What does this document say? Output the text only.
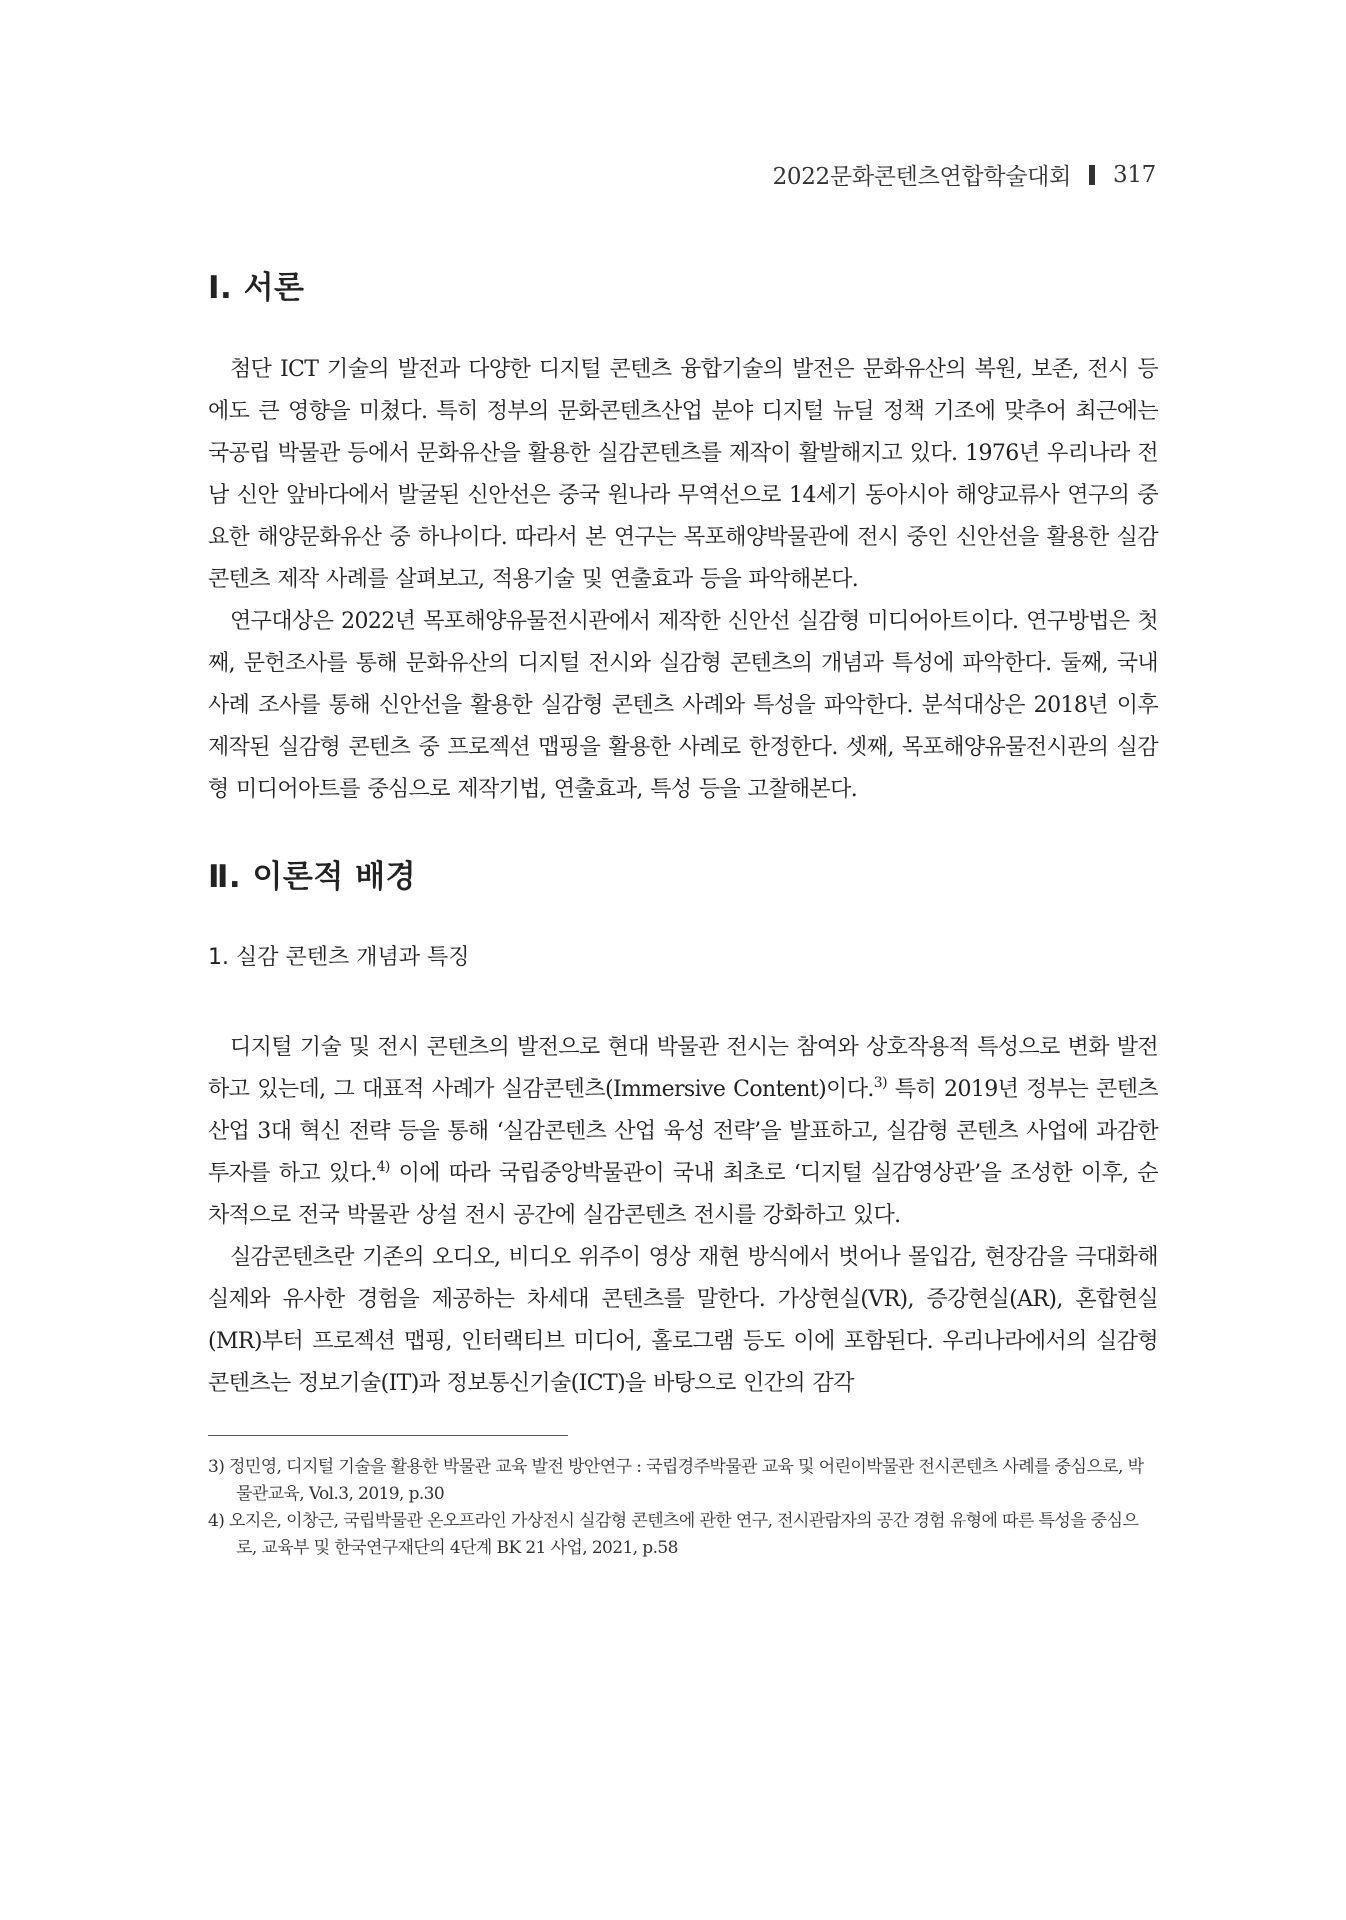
2022문화콘텐츠연합학술대회 317
Ⅰ. 서론

첨단 ICT 기술의 발전과 다양한 디지털 콘텐츠 융합기술의 발전은 문화유산의 복원, 보존, 전시 등에도 큰 영향을 미쳤다. 특히 정부의 문화콘텐츠산업 분야 디지털 뉴딜 정책 기조에 맞추어 최근에는 국공립 박물관 등에서 문화유산을 활용한 실감콘텐츠를 제작이 활발해지고 있다. 1976년 우리나라 전남 신안 앞바다에서 발굴된 신안선은 중국 원나라 무역선으로 14세기 동아시아 해양교류사 연구의 중요한 해양문화유산 중 하나이다. 따라서 본 연구는 목포해양박물관에 전시 중인 신안선을 활용한 실감콘텐츠 제작 사례를 살펴보고, 적용기술 및 연출효과 등을 파악해본다.

연구대상은 2022년 목포해양유물전시관에서 제작한 신안선 실감형 미디어아트이다. 연구방법은 첫째, 문헌조사를 통해 문화유산의 디지털 전시와 실감형 콘텐츠의 개념과 특성에 파악한다. 둘째, 국내 사례 조사를 통해 신안선을 활용한 실감형 콘텐츠 사례와 특성을 파악한다. 분석대상은 2018년 이후 제작된 실감형 콘텐츠 중 프로젝션 맵핑을 활용한 사례로 한정한다. 셋째, 목포해양유물전시관의 실감형 미디어아트를 중심으로 제작기법, 연출효과, 특성 등을 고찰해본다.

Ⅱ. 이론적 배경
1. 실감 콘텐츠 개념과 특징

디지털 기술 및 전시 콘텐츠의 발전으로 현대 박물관 전시는 참여와 상호작용적 특성으로 변화 발전하고 있는데, 그 대표적 사례가 실감콘텐츠(Immersive Content)이다.$^{3)}$ 특히 2019년 정부는 콘텐츠 산업 3대 혁신 전략 등을 통해 ‘실감콘텐츠 산업 육성 전략’을 발표하고, 실감형 콘텐츠 사업에 과감한 투자를 하고 있다.$^{4)}$ 이에 따라 국립중앙박물관이 국내 최초로 ‘디지털 실감영상관’을 조성한 이후, 순차적으로 전국 박물관 상설 전시 공간에 실감콘텐츠 전시를 강화하고 있다.

실감콘텐츠란 기존의 오디오, 비디오 위주이 영상 재현 방식에서 벗어나 몰입감, 현장감을 극대화해 실제와 유사한 경험을 제공하는 차세대 콘텐츠를 말한다. 가상현실(VR), 증강현실(AR), 혼합현실(MR)부터 프로젝션 맵핑, 인터랙티브 미디어, 홀로그램 등도 이에 포함된다. 우리나라에서의 실감형 콘텐츠는 정보기술(IT)과 정보통신기술(ICT)을 바탕으로 인간의 감각

3) 정민영, 디지털 기술을 활용한 박물관 교육 발전 방안연구 : 국립경주박물관 교육 및 어린이박물관 전시콘텐츠 사례를 중심으로, 박물관교육, Vol.3, 2019, p.30

4) 오지은, 이창근, 국립박물관 온오프라인 가상전시 실감형 콘텐츠에 관한 연구, 전시관람자의 공간 경험 유형에 따른 특성을 중심으로, 교육부 및 한국연구재단의 4단계 BK 21 사업, 2021, p.58
